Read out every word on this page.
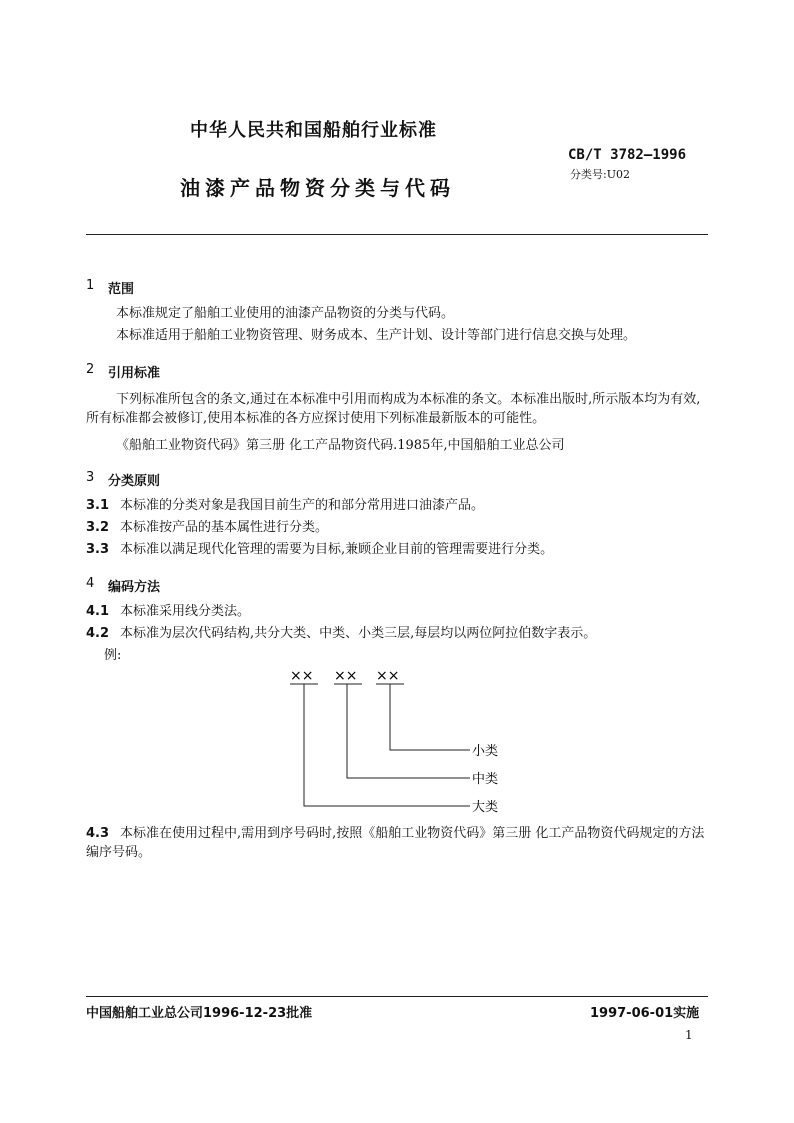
中华人民共和国船舶行业标准
CB/T 3782—1996
分类号:U02
油漆产品物资分类与代码
1 范围
本标准规定了船舶工业使用的油漆产品物资的分类与代码。
本标准适用于船舶工业物资管理、财务成本、生产计划、设计等部门进行信息交换与处理。
2 引用标准
下列标准所包含的条文,通过在本标准中引用而构成为本标准的条文。本标准出版时,所示版本均为有效,所有标准都会被修订,使用本标准的各方应探讨使用下列标准最新版本的可能性。
《船舶工业物资代码》第三册 化工产品物资代码.1985年,中国船舶工业总公司
3 分类原则
3.1 本标准的分类对象是我国目前生产的和部分常用进口油漆产品。
3.2 本标准按产品的基本属性进行分类。
3.3 本标准以满足现代化管理的需要为目标,兼顾企业目前的管理需要进行分类。
4 编码方法
4.1 本标准采用线分类法。
4.2 本标准为层次代码结构,共分大类、中类、小类三层,每层均以两位阿拉伯数字表示。
例:
×× ×× ××
小类
中类
大类
4.3 本标准在使用过程中,需用到序号码时,按照《船舶工业物资代码》第三册 化工产品物资代码规定的方法编序号码。
中国船舶工业总公司1996-12-23批准	1997-06-01实施
1
